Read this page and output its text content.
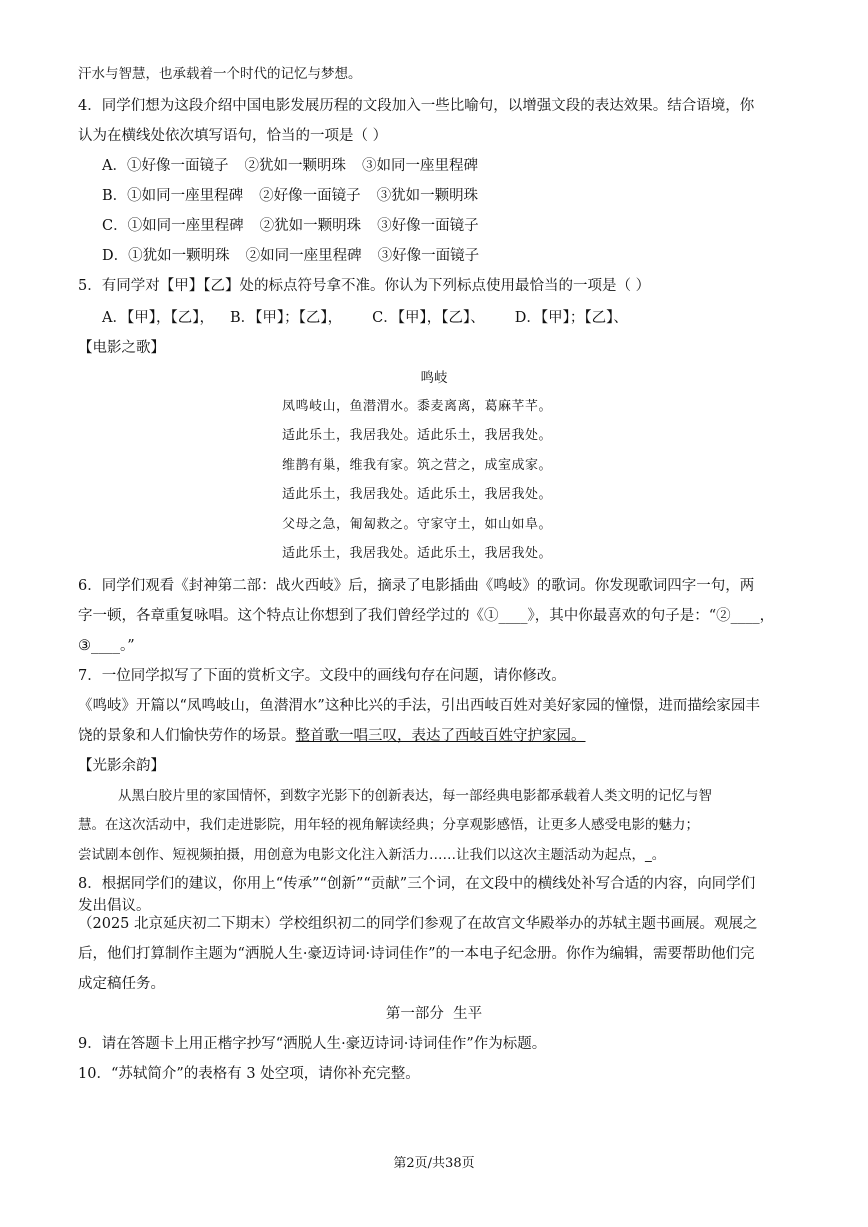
汗水与智慧，也承载着一个时代的记忆与梦想。
4．同学们想为这段介绍中国电影发展历程的文段加入一些比喻句，以增强文段的表达效果。结合语境，你
认为在横线处依次填写语句，恰当的一项是（ ）
A．①好像一面镜子 ②犹如一颗明珠 ③如同一座里程碑
B．①如同一座里程碑 ②好像一面镜子 ③犹如一颗明珠
C．①如同一座里程碑 ②犹如一颗明珠 ③好像一面镜子
D．①犹如一颗明珠 ②如同一座里程碑 ③好像一面镜子
5．有同学对【甲】【乙】处的标点符号拿不准。你认为下列标点使用最恰当的一项是（ ）
A．【甲】，【乙】， B．【甲】；【乙】， C．【甲】，【乙】、 D．【甲】；【乙】、
【电影之歌】
鸣岐
凤鸣岐山，鱼潜渭水。黍麦离离，葛麻芊芊。
适此乐土，我居我处。适此乐土，我居我处。
维鹊有巢，维我有家。筑之营之，成室成家。
适此乐土，我居我处。适此乐土，我居我处。
父母之急，匍匐救之。守家守土，如山如阜。
适此乐土，我居我处。适此乐土，我居我处。
6．同学们观看《封神第二部：战火西岐》后，摘录了电影插曲《鸣岐》的歌词。你发现歌词四字一句，两
字一顿，各章重复咏唱。这个特点让你想到了我们曾经学过的《①____》，其中你最喜欢的句子是：“②____，
③____。”
7．一位同学拟写了下面的赏析文字。文段中的画线句存在问题，请你修改。
《鸣岐》开篇以“凤鸣岐山，鱼潜渭水”这种比兴的手法，引出西岐百姓对美好家园的憧憬，进而描绘家园丰
饶的景象和人们愉快劳作的场景。整首歌一唱三叹，表达了西岐百姓守护家园。
【光影余韵】
从黑白胶片里的家国情怀，到数字光影下的创新表达，每一部经典电影都承载着人类文明的记忆与智
慧。在这次活动中，我们走进影院，用年轻的视角解读经典；分享观影感悟，让更多人感受电影的魅力；
尝试剧本创作、短视频拍摄，用创意为电影文化注入新活力……让我们以这次主题活动为起点，_。
8．根据同学们的建议，你用上“传承”“创新”“贡献”三个词，在文段中的横线处补写合适的内容，向同学们
发出倡议。
（2025 北京延庆初二下期末）学校组织初二的同学们参观了在故宫文华殿举办的苏轼主题书画展。观展之
后，他们打算制作主题为“洒脱人生·豪迈诗词·诗词佳作”的一本电子纪念册。你作为编辑，需要帮助他们完
成定稿任务。
第一部分  生平
9．请在答题卡上用正楷字抄写“洒脱人生·豪迈诗词·诗词佳作”作为标题。
10．“苏轼简介”的表格有 3 处空项，请你补充完整。
第2页/共38页
